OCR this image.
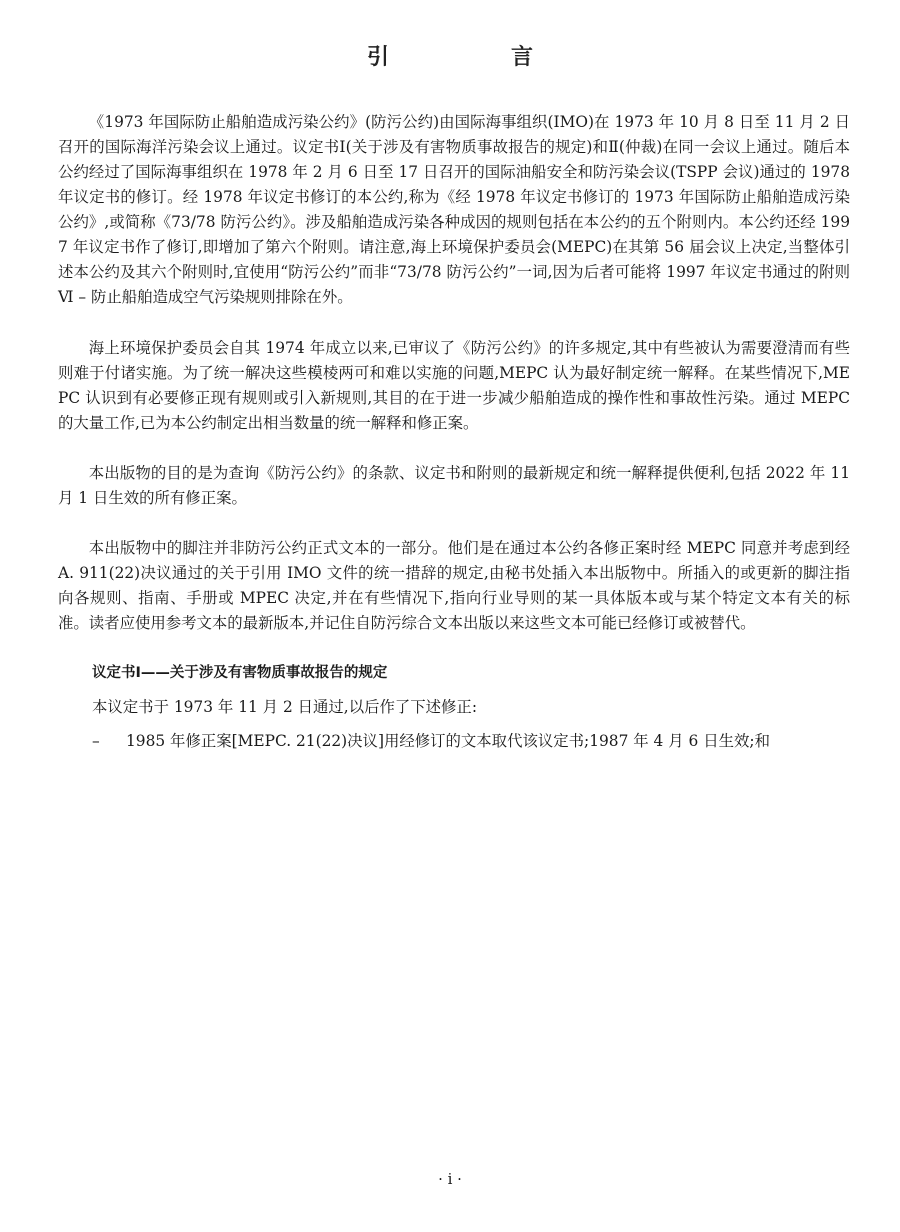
引　言

《1973 年国际防止船舶造成污染公约》(防污公约)由国际海事组织(IMO)在 1973 年 10 月 8 日至 11 月 2 日召开的国际海洋污染会议上通过。议定书Ⅰ(关于涉及有害物质事故报告的规定)和Ⅱ(仲裁)在同一会议上通过。随后本公约经过了国际海事组织在 1978 年 2 月 6 日至 17 日召开的国际油船安全和防污染会议(TSPP 会议)通过的 1978 年议定书的修订。经 1978 年议定书修订的本公约,称为《经 1978 年议定书修订的 1973 年国际防止船舶造成污染公约》,或简称《73/78 防污公约》。涉及船舶造成污染各种成因的规则包括在本公约的五个附则内。本公约还经 1997 年议定书作了修订,即增加了第六个附则。请注意,海上环境保护委员会(MEPC)在其第 56 届会议上决定,当整体引述本公约及其六个附则时,宜使用“防污公约”而非“73/78 防污公约”一词,因为后者可能将 1997 年议定书通过的附则Ⅵ – 防止船舶造成空气污染规则排除在外。

海上环境保护委员会自其 1974 年成立以来,已审议了《防污公约》的许多规定,其中有些被认为需要澄清而有些则难于付诸实施。为了统一解决这些模棱两可和难以实施的问题,MEPC 认为最好制定统一解释。在某些情况下,MEPC 认识到有必要修正现有规则或引入新规则,其目的在于进一步减少船舶造成的操作性和事故性污染。通过 MEPC 的大量工作,已为本公约制定出相当数量的统一解释和修正案。

本出版物的目的是为查询《防污公约》的条款、议定书和附则的最新规定和统一解释提供便利,包括 2022 年 11 月 1 日生效的所有修正案。

本出版物中的脚注并非防污公约正式文本的一部分。他们是在通过本公约各修正案时经 MEPC 同意并考虑到经 A. 911(22)决议通过的关于引用 IMO 文件的统一措辞的规定,由秘书处插入本出版物中。所插入的或更新的脚注指向各规则、指南、手册或 MPEC 决定,并在有些情况下,指向行业导则的某一具体版本或与某个特定文本有关的标准。读者应使用参考文本的最新版本,并记住自防污综合文本出版以来这些文本可能已经修订或被替代。

议定书Ⅰ——关于涉及有害物质事故报告的规定
本议定书于 1973 年 11 月 2 日通过,以后作了下述修正:
–	1985 年修正案[MEPC. 21(22)决议]用经修订的文本取代该议定书;1987 年 4 月 6 日生效;和
· i ·
